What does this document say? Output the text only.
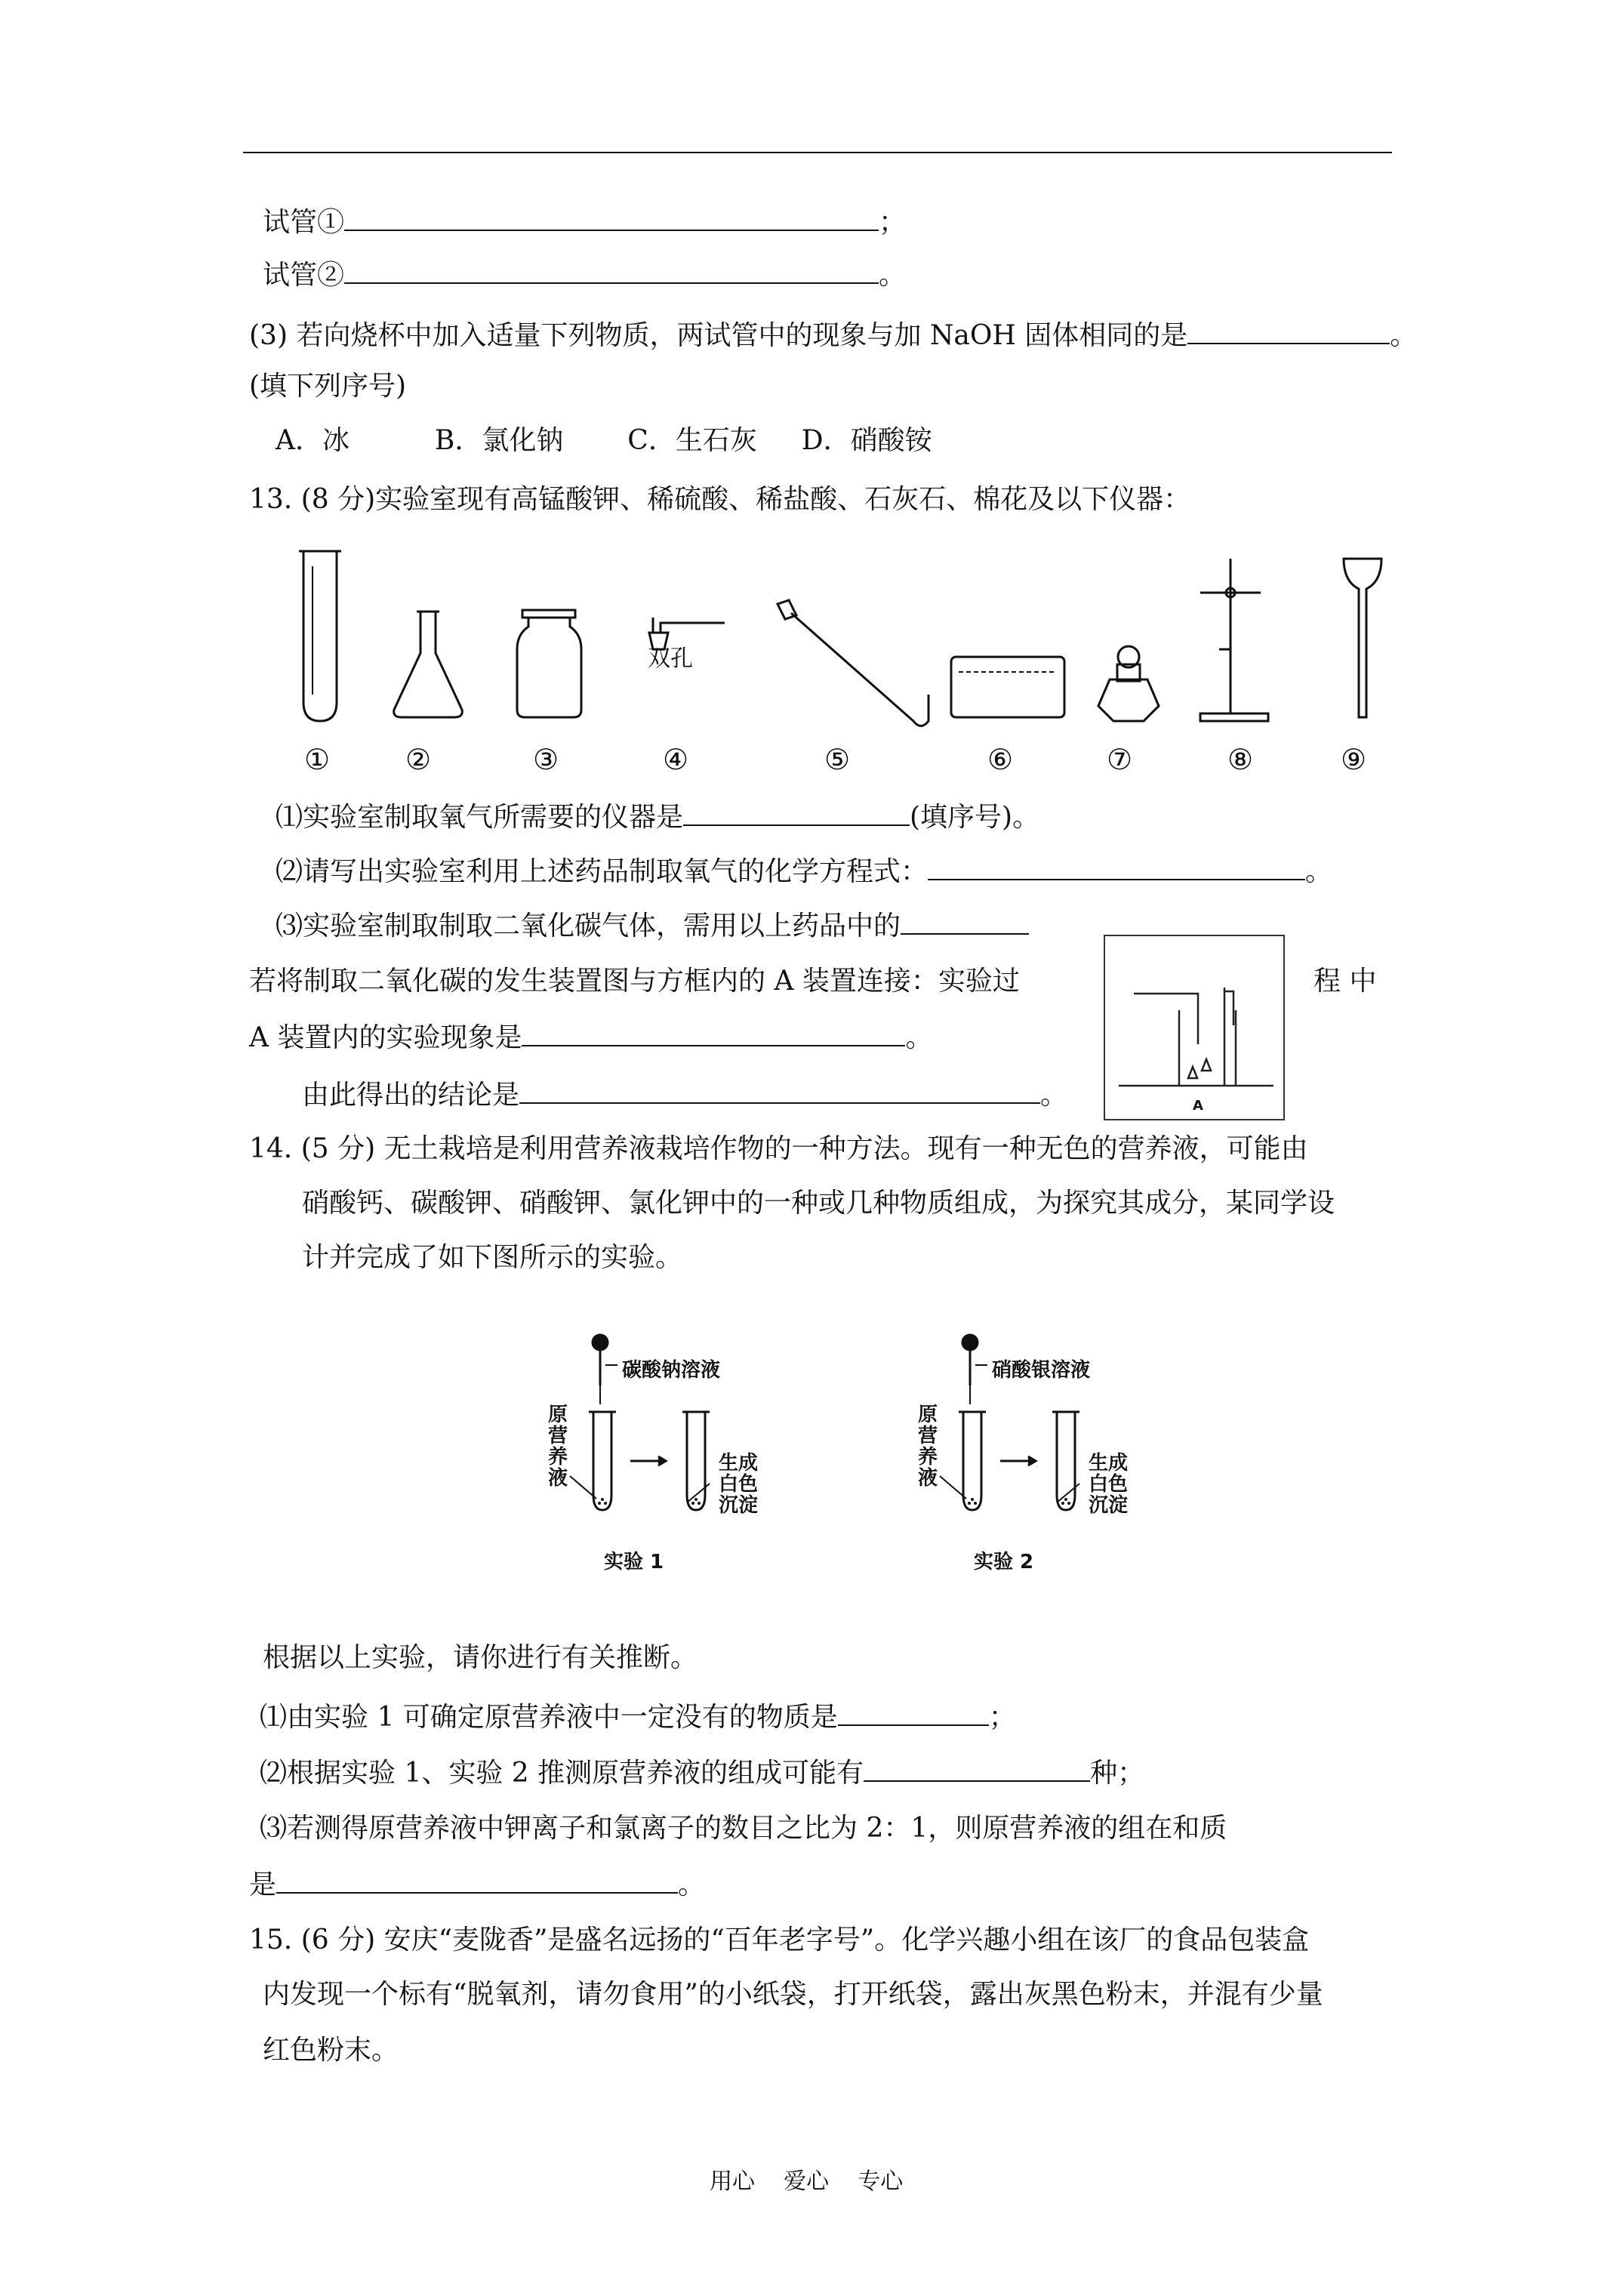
试管①	；
试管②	。
(3) 若向烧杯中加入适量下列物质，两试管中的现象与加 NaOH 固体相同的是	。
(填下列序号)
A．冰	B．氯化钠 C．生石灰 D．硝酸铵
13. (8 分)实验室现有高锰酸钾、稀硫酸、稀盐酸、石灰石、棉花及以下仪器：
双孔
①	②	③	④	⑤	⑥	⑦	⑧	⑨
⑴实验室制取氧气所需要的仪器是	(填序号)。
⑵请写出实验室利用上述药品制取氧气的化学方程式：	。
⑶实验室制取制取二氧化碳气体，需用以上药品中的
若将制取二氧化碳的发生装置图与方框内的 A 装置连接：实验过	程 中
A 装置内的实验现象是	。
由此得出的结论是	。	A
14. (5 分) 无土栽培是利用营养液栽培作物的一种方法。现有一种无色的营养液，可能由
硝酸钙、碳酸钾、硝酸钾、氯化钾中的一种或几种物质组成，为探究其成分，某同学设
计并完成了如下图所示的实验。
碳酸钠溶液
原营养液
生成白色沉淀
实验 1
硝酸银溶液
原营养液
生成白色沉淀
实验 2
根据以上实验，请你进行有关推断。
⑴由实验 1 可确定原营养液中一定没有的物质是	；
⑵根据实验 1、实验 2 推测原营养液的组成可能有	种；
⑶若测得原营养液中钾离子和氯离子的数目之比为 2：1，则原营养液的组在和质
是	。
15. (6 分) 安庆“麦陇香”是盛名远扬的“百年老字号”。化学兴趣小组在该厂的食品包装盒
内发现一个标有“脱氧剂，请勿食用”的小纸袋，打开纸袋，露出灰黑色粉末，并混有少量
红色粉末。
用心    爱心    专心
